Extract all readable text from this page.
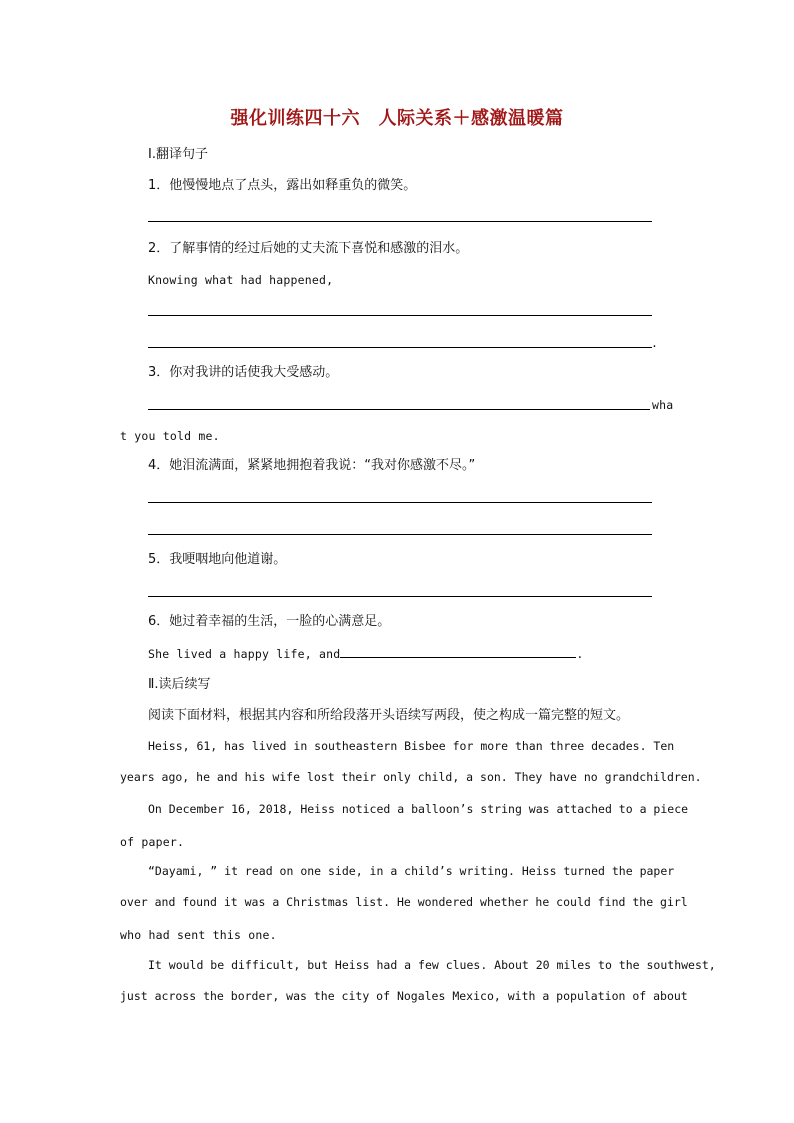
强化训练四十六　人际关系＋感激温暖篇
Ⅰ.翻译句子
1．他慢慢地点了点头，露出如释重负的微笑。
2．了解事情的经过后她的丈夫流下喜悦和感激的泪水。
Knowing what had happened,
.
3．你对我讲的话使我大受感动。
wha
t you told me.
4．她泪流满面，紧紧地拥抱着我说：“我对你感激不尽。”
5．我哽咽地向他道谢。
6．她过着幸福的生活，一脸的心满意足。
She lived a happy life, and	.
Ⅱ.读后续写
阅读下面材料，根据其内容和所给段落开头语续写两段，使之构成一篇完整的短文。
Heiss, 61, has lived in southeastern Bisbee for more than three decades. Ten
years ago, he and his wife lost their only child, a son. They have no grandchildren.
On December 16, 2018, Heiss noticed a balloon’s string was attached to a piece
of paper.
“Dayami, ” it read on one side, in a child’s writing. Heiss turned the paper
over and found it was a Christmas list. He wondered whether he could find the girl
who had sent this one.
It would be difficult, but Heiss had a few clues. About 20 miles to the southwest,
just across the border, was the city of Nogales Mexico, with a population of about
